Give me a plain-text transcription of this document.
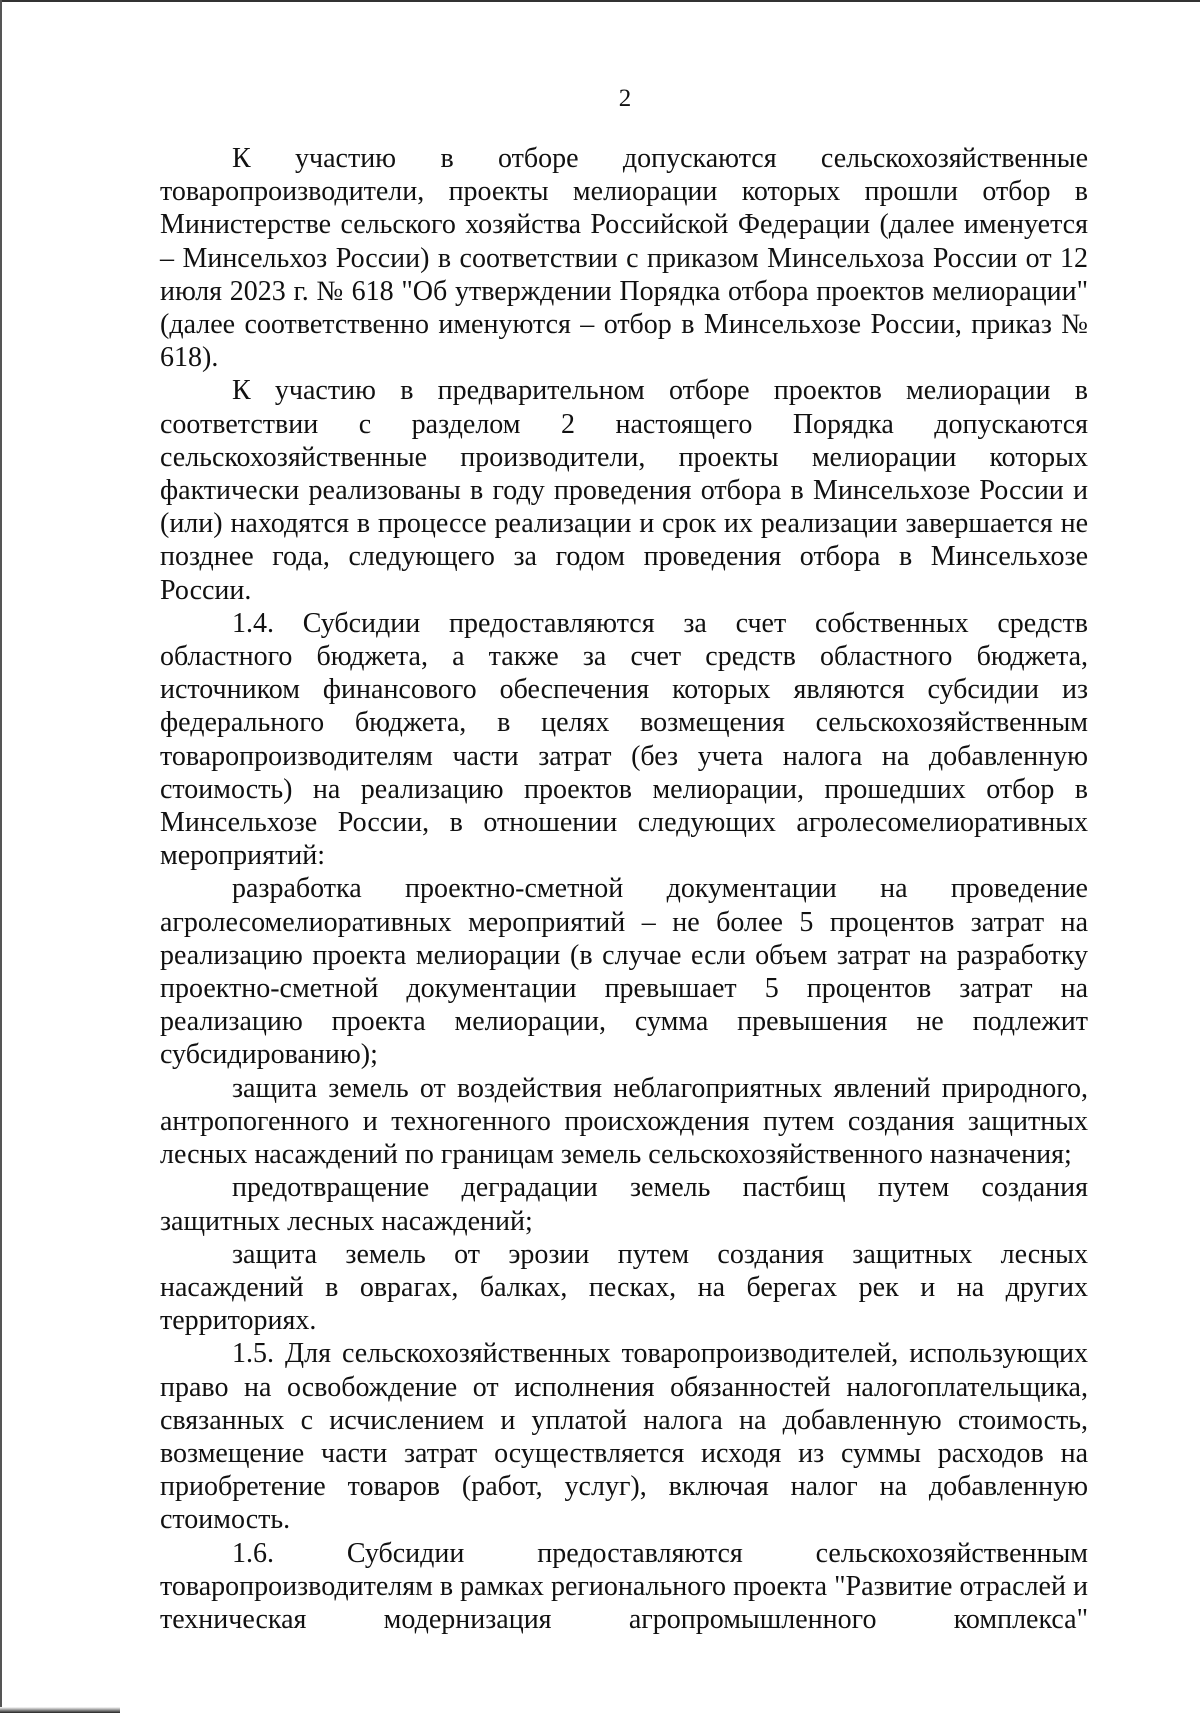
2

К участию в отборе допускаются сельскохозяйственные товаропроизводители, проекты мелиорации которых прошли отбор в Министерстве сельского хозяйства Российской Федерации (далее именуется – Минсельхоз России) в соответствии с приказом Минсельхоза России от 12 июля 2023 г. № 618 "Об утверждении Порядка отбора проектов мелиорации" (далее соответственно именуются – отбор в Минсельхозе России, приказ № 618).

К участию в предварительном отборе проектов мелиорации в соответствии с разделом 2 настоящего Порядка допускаются сельскохозяйственные производители, проекты мелиорации которых фактически реализованы в году проведения отбора в Минсельхозе России и (или) находятся в процессе реализации и срок их реализации завершается не позднее года, следующего за годом проведения отбора в Минсельхозе России.

1.4. Субсидии предоставляются за счет собственных средств областного бюджета, а также за счет средств областного бюджета, источником финансового обеспечения которых являются субсидии из федерального бюджета, в целях возмещения сельскохозяйственным товаропроизводителям части затрат (без учета налога на добавленную стоимость) на реализацию проектов мелиорации, прошедших отбор в Минсельхозе России, в отношении следующих агролесомелиоративных мероприятий:

разработка проектно-сметной документации на проведение агролесомелиоративных мероприятий – не более 5 процентов затрат на реализацию проекта мелиорации (в случае если объем затрат на разработку проектно-сметной документации превышает 5 процентов затрат на реализацию проекта мелиорации, сумма превышения не подлежит субсидированию);

защита земель от воздействия неблагоприятных явлений природного, антропогенного и техногенного происхождения путем создания защитных лесных насаждений по границам земель сельскохозяйственного назначения;

предотвращение деградации земель пастбищ путем создания защитных лесных насаждений;

защита земель от эрозии путем создания защитных лесных насаждений в оврагах, балках, песках, на берегах рек и на других территориях.

1.5. Для сельскохозяйственных товаропроизводителей, использующих право на освобождение от исполнения обязанностей налогоплательщика, связанных с исчислением и уплатой налога на добавленную стоимость, возмещение части затрат осуществляется исходя из суммы расходов на приобретение товаров (работ, услуг), включая налог на добавленную стоимость.

1.6. Субсидии предоставляются сельскохозяйственным товаропроизводителям в рамках регионального проекта "Развитие отраслей и техническая модернизация агропромышленного комплекса"
